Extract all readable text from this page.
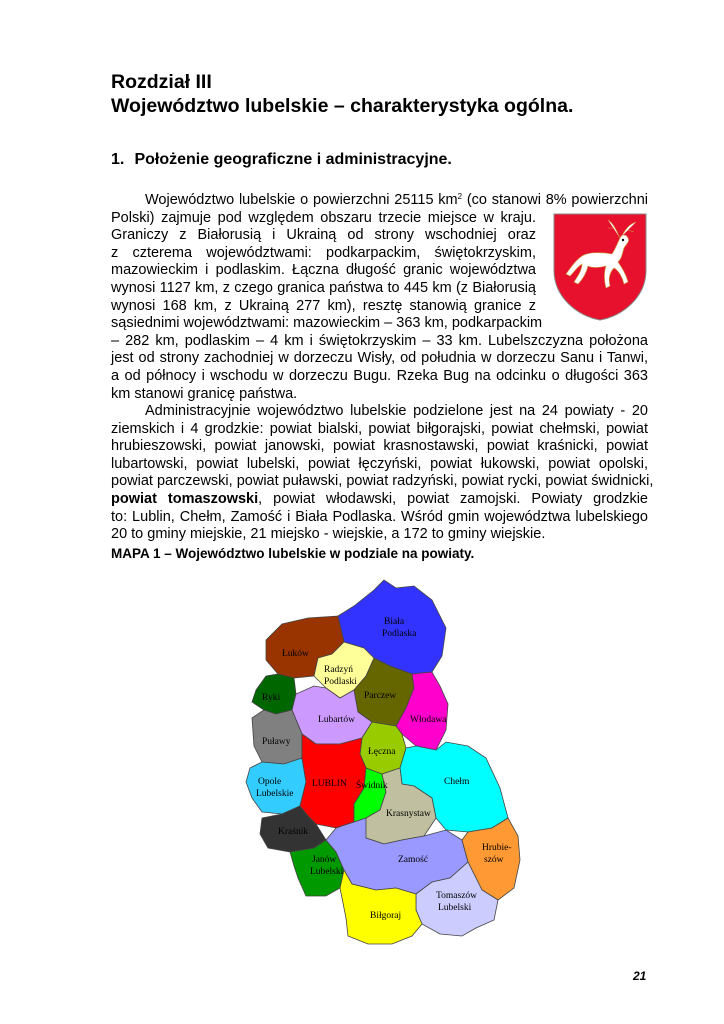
Rozdział III
Województwo lubelskie – charakterystyka ogólna.
1. Położenie geograficzne i administracyjne.
Województwo lubelskie o powierzchni 25115 $km^2$ (co stanowi 8% powierzchni
Polski) zajmuje pod względem obszaru trzecie miejsce w kraju.
Graniczy z Białorusią i Ukrainą od strony wschodniej oraz
z czterema województwami: podkarpackim, świętokrzyskim,
mazowieckim i podlaskim. Łączna długość granic województwa
wynosi 1127 km, z czego granica państwa to 445 km (z Białorusią
wynosi 168 km, z Ukrainą 277 km), resztę stanowią granice z
sąsiednimi województwami: mazowieckim – 363 km, podkarpackim
– 282 km, podlaskim – 4 km i świętokrzyskim – 33 km. Lubelszczyzna położona
jest od strony zachodniej w dorzeczu Wisły, od południa w dorzeczu Sanu i Tanwi,
a od północy i wschodu w dorzeczu Bugu. Rzeka Bug na odcinku o długości 363
km stanowi granicę państwa.
Administracyjnie województwo lubelskie podzielone jest na 24 powiaty - 20
ziemskich i 4 grodzkie: powiat bialski, powiat biłgorajski, powiat chełmski, powiat
hrubieszowski, powiat janowski, powiat krasnostawski, powiat kraśnicki, powiat
lubartowski, powiat lubelski, powiat łęczyński, powiat łukowski, powiat opolski,
powiat parczewski, powiat puławski, powiat radzyński, powiat rycki, powiat świdnicki,
powiat tomaszowski, powiat włodawski, powiat zamojski. Powiaty grodzkie
to: Lublin, Chełm, Zamość i Biała Podlaska. Wśród gmin województwa lubelskiego
20 to gminy miejskie, 21 miejsko - wiejskie, a 172 to gminy wiejskie.
MAPA 1 – Województwo lubelskie w podziale na powiaty.
Biała
Podlaska
Łuków
Radzyń
Podlaski
Ryki	Parczew
Włodawa
Lubartów
Puławy
Łęczna
Opole
Lubelskie
LUBLIN Świdnik	Chełm
Krasnystaw
Kraśnik
Janów
Lubelski
Zamość
Hrubie-
szów
Tomaszów
Lubelski
Biłgoraj
21
